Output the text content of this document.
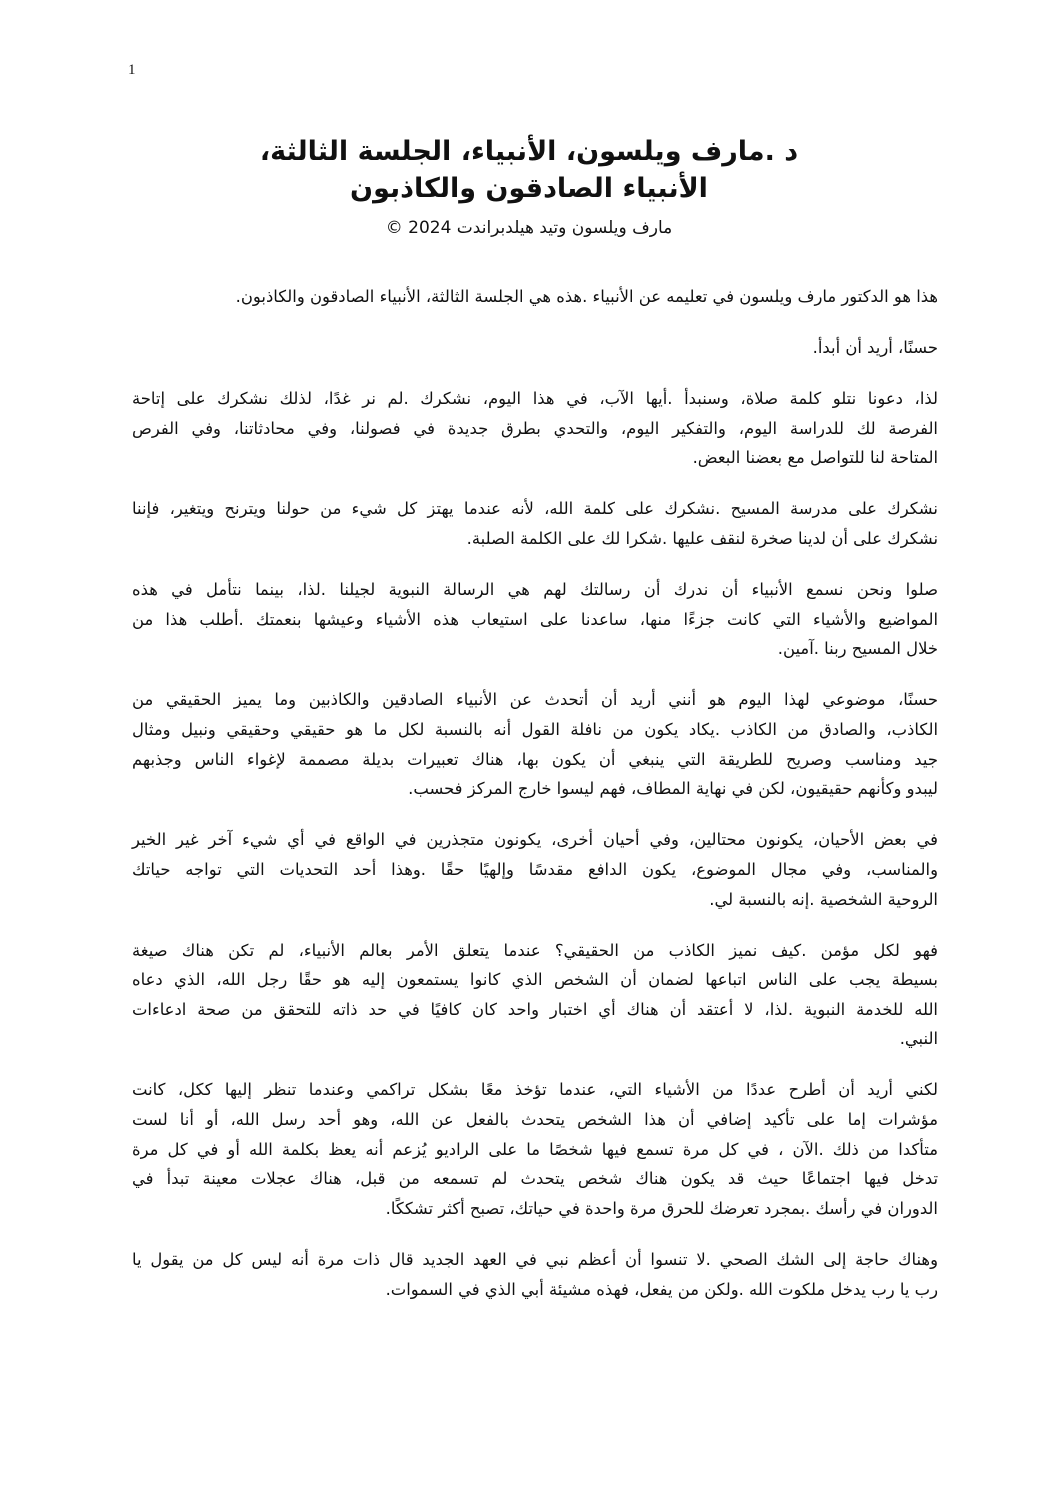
1
د .مارف ويلسون، الأنبياء، الجلسة الثالثة،
الأنبياء الصادقون والكاذبون
مارف ويلسون وتيد هيلدبراندت 2024 ©
هذا هو الدكتور مارف ويلسون في تعليمه عن الأنبياء .هذه هي الجلسة الثالثة، الأنبياء الصادقون والكاذبون.
حسنًا، أريد أن أبدأ.
لذا، دعونا نتلو كلمة صلاة، وسنبدأ .أيها الآب، في هذا اليوم، نشكرك .لم نر غدًا، لذلك نشكرك على إتاحة
الفرصة لك للدراسة اليوم، والتفكير اليوم، والتحدي بطرق جديدة في فصولنا، وفي محادثاتنا، وفي الفرص
المتاحة لنا للتواصل مع بعضنا البعض.
نشكرك على مدرسة المسيح .نشكرك على كلمة الله، لأنه عندما يهتز كل شيء من حولنا ويترنح ويتغير، فإننا
نشكرك على أن لدينا صخرة لنقف عليها .شكرا لك على الكلمة الصلبة.
صلوا ونحن نسمع الأنبياء أن ندرك أن رسالتك لهم هي الرسالة النبوية لجيلنا .لذا، بينما نتأمل في هذه
المواضيع والأشياء التي كانت جزءًا منها، ساعدنا على استيعاب هذه الأشياء وعيشها بنعمتك .أطلب هذا من
خلال المسيح ربنا .آمين.
حسنًا، موضوعي لهذا اليوم هو أنني أريد أن أتحدث عن الأنبياء الصادقين والكاذبين وما يميز الحقيقي من
الكاذب، والصادق من الكاذب .يكاد يكون من نافلة القول أنه بالنسبة لكل ما هو حقيقي وحقيقي ونبيل ومثال
جيد ومناسب وصريح للطريقة التي ينبغي أن يكون بها، هناك تعبيرات بديلة مصممة لإغواء الناس وجذبهم
ليبدو وكأنهم حقيقيون، لكن في نهاية المطاف، فهم ليسوا خارج المركز فحسب.
في بعض الأحيان، يكونون محتالين، وفي أحيان أخرى، يكونون متجذرين في الواقع في أي شيء آخر غير الخير
والمناسب، وفي مجال الموضوع، يكون الدافع مقدسًا وإلهيًا حقًا .وهذا أحد التحديات التي تواجه حياتك
الروحية الشخصية .إنه بالنسبة لي.
فهو لكل مؤمن .كيف نميز الكاذب من الحقيقي؟ عندما يتعلق الأمر بعالم الأنبياء، لم تكن هناك صيغة
بسيطة يجب على الناس اتباعها لضمان أن الشخص الذي كانوا يستمعون إليه هو حقًا رجل الله، الذي دعاه
الله للخدمة النبوية .لذا، لا أعتقد أن هناك أي اختبار واحد كان كافيًا في حد ذاته للتحقق من صحة ادعاءات
النبي.
لكني أريد أن أطرح عددًا من الأشياء التي، عندما تؤخذ معًا بشكل تراكمي وعندما تنظر إليها ككل، كانت
مؤشرات إما على تأكيد إضافي أن هذا الشخص يتحدث بالفعل عن الله، وهو أحد رسل الله، أو أنا لست
متأكدا من ذلك .الآن ، في كل مرة تسمع فيها شخصًا ما على الراديو يُزعم أنه يعظ بكلمة الله أو في كل مرة
تدخل فيها اجتماعًا حيث قد يكون هناك شخص يتحدث لم تسمعه من قبل، هناك عجلات معينة تبدأ في
الدوران في رأسك .بمجرد تعرضك للحرق مرة واحدة في حياتك، تصبح أكثر تشككًا.
وهناك حاجة إلى الشك الصحي .لا تنسوا أن أعظم نبي في العهد الجديد قال ذات مرة أنه ليس كل من يقول يا
رب يا رب يدخل ملكوت الله .ولكن من يفعل، فهذه مشيئة أبي الذي في السموات.
